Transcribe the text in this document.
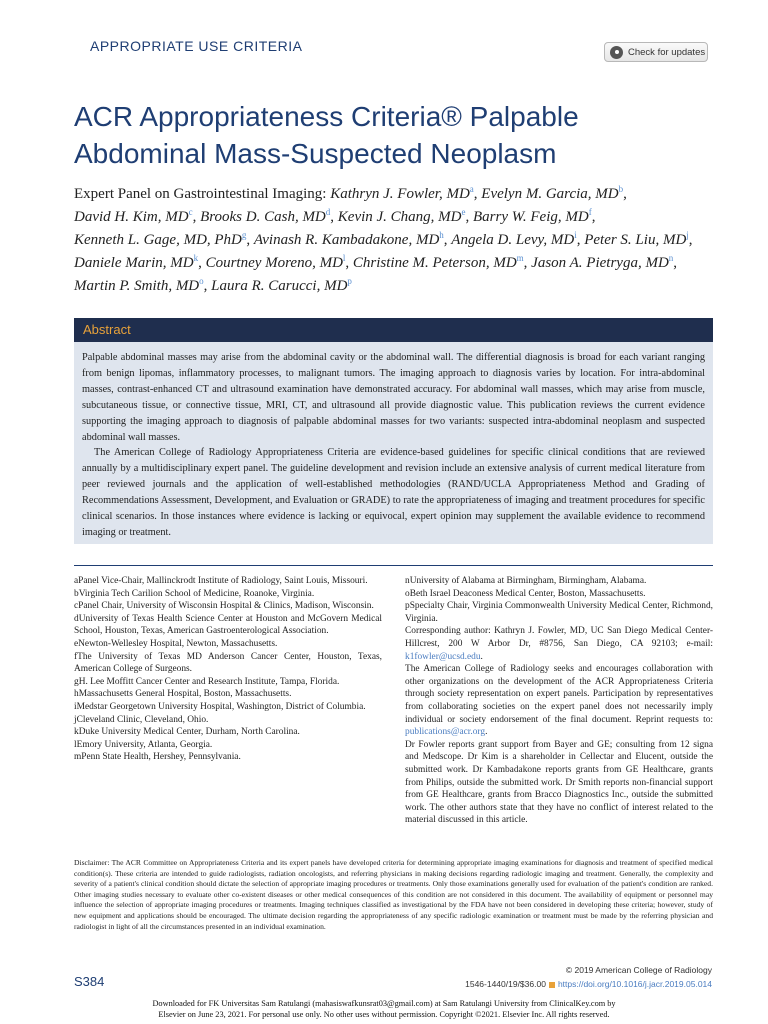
APPROPRIATE USE CRITERIA	Check for updates
ACR Appropriateness Criteria® Palpable
Abdominal Mass-Suspected Neoplasm
Expert Panel on Gastrointestinal Imaging: Kathryn J. Fowler, $MD^a$, Evelyn M. Garcia, $MD^b$,
David H. Kim, $MD^c$, Brooks D. Cash, $MD^d$, Kevin J. Chang, MDe, Barry W. Feig, $MD^f$,
Kenneth L. Gage, MD, PhD$^g$, Avinash R. Kambadakone, $MD^h$, Angela D. Levy, $MD^i$, Peter S. Liu, $MD^j$,
Daniele Marin, $MD^k$, Courtney Moreno, $MD^l$, Christine M. Peterson, $MD^m$, Jason A. Pietryga, $MD^n$,
Martin P. Smith, $MD^o$, Laura R. Carucci, $MD^p$
Abstract

Palpable abdominal masses may arise from the abdominal cavity or the abdominal wall. The differential diagnosis is broad for each variant ranging from benign lipomas, inflammatory processes, to malignant tumors. The imaging approach to diagnosis varies by location. For intra-abdominal masses, contrast-enhanced CT and ultrasound examination have demonstrated accuracy. For abdominal wall masses, which may arise from muscle, subcutaneous tissue, or connective tissue, MRI, CT, and ultrasound all provide diagnostic value. This publication reviews the current evidence supporting the imaging approach to diagnosis of palpable abdominal masses for two variants: suspected intra-abdominal neoplasm and suspected abdominal wall masses.

The American College of Radiology Appropriateness Criteria are evidence-based guidelines for specific clinical conditions that are reviewed annually by a multidisciplinary expert panel. The guideline development and revision include an extensive analysis of current medical literature from peer reviewed journals and the application of well-established methodologies (RAND/UCLA Appropriateness Method and Grading of Recommendations Assessment, Development, and Evaluation or GRADE) to rate the appropriateness of imaging and treatment procedures for specific clinical scenarios. In those instances where evidence is lacking or equivocal, expert opinion may supplement the available evidence to recommend imaging or treatment.

aPanel Vice-Chair, Mallinckrodt Institute of Radiology, Saint Louis, Missouri.

bVirginia Tech Carilion School of Medicine, Roanoke, Virginia.

cPanel Chair, University of Wisconsin Hospital & Clinics, Madison, Wisconsin.

dUniversity of Texas Health Science Center at Houston and McGovern Medical School, Houston, Texas, American Gastroenterological Association.

eNewton-Wellesley Hospital, Newton, Massachusetts.

fThe University of Texas MD Anderson Cancer Center, Houston, Texas, American College of Surgeons.

gH. Lee Moffitt Cancer Center and Research Institute, Tampa, Florida.

hMassachusetts General Hospital, Boston, Massachusetts.

iMedstar Georgetown University Hospital, Washington, District of Columbia.

jCleveland Clinic, Cleveland, Ohio.

kDuke University Medical Center, Durham, North Carolina.

lEmory University, Atlanta, Georgia.

mPenn State Health, Hershey, Pennsylvania.

nUniversity of Alabama at Birmingham, Birmingham, Alabama.

oBeth Israel Deaconess Medical Center, Boston, Massachusetts.

pSpecialty Chair, Virginia Commonwealth University Medical Center, Richmond, Virginia.

Corresponding author: Kathryn J. Fowler, MD, UC San Diego Medical Center-Hillcrest, 200 W Arbor Dr, #8756, San Diego, CA 92103; e-mail: k1fowler@ucsd.edu.

The American College of Radiology seeks and encourages collaboration with other organizations on the development of the ACR Appropriateness Criteria through society representation on expert panels. Participation by representatives from collaborating societies on the expert panel does not necessarily imply individual or society endorsement of the final document. Reprint requests to: publications@acr.org.

Dr Fowler reports grant support from Bayer and GE; consulting from 12 signa and Medscope. Dr Kim is a shareholder in Cellectar and Elucent, outside the submitted work. Dr Kambadakone reports grants from GE Healthcare, grants from Philips, outside the submitted work. Dr Smith reports non-financial support from GE Healthcare, grants from Bracco Diagnostics Inc., outside the submitted work. The other authors state that they have no conflict of interest related to the material discussed in this article.

Disclaimer: The ACR Committee on Appropriateness Criteria and its expert panels have developed criteria for determining appropriate imaging examinations for diagnosis and treatment of specified medical condition(s). These criteria are intended to guide radiologists, radiation oncologists, and referring physicians in making decisions regarding radiologic imaging and treatment. Generally, the complexity and severity of a patient's clinical condition should dictate the selection of appropriate imaging procedures or treatments. Only those examinations generally used for evaluation of the patient's condition are ranked. Other imaging studies necessary to evaluate other co-existent diseases or other medical consequences of this condition are not considered in this document. The availability of equipment or personnel may influence the selection of appropriate imaging procedures or treatments. Imaging techniques classified as investigational by the FDA have not been considered in developing these criteria; however, study of new equipment and applications should be encouraged. The ultimate decision regarding the appropriateness of any specific radiologic examination or treatment must be made by the referring physician and radiologist in light of all the circumstances presented in an individual examination.
S384
© 2019 American College of Radiology
1546-1440/19/$36.00 https://doi.org/10.1016/j.jacr.2019.05.014
Downloaded for FK Universitas Sam Ratulangi (mahasiswafkunsrat03@gmail.com) at Sam Ratulangi University from ClinicalKey.com by
Elsevier on June 23, 2021. For personal use only. No other uses without permission. Copyright ©2021. Elsevier Inc. All rights reserved.
